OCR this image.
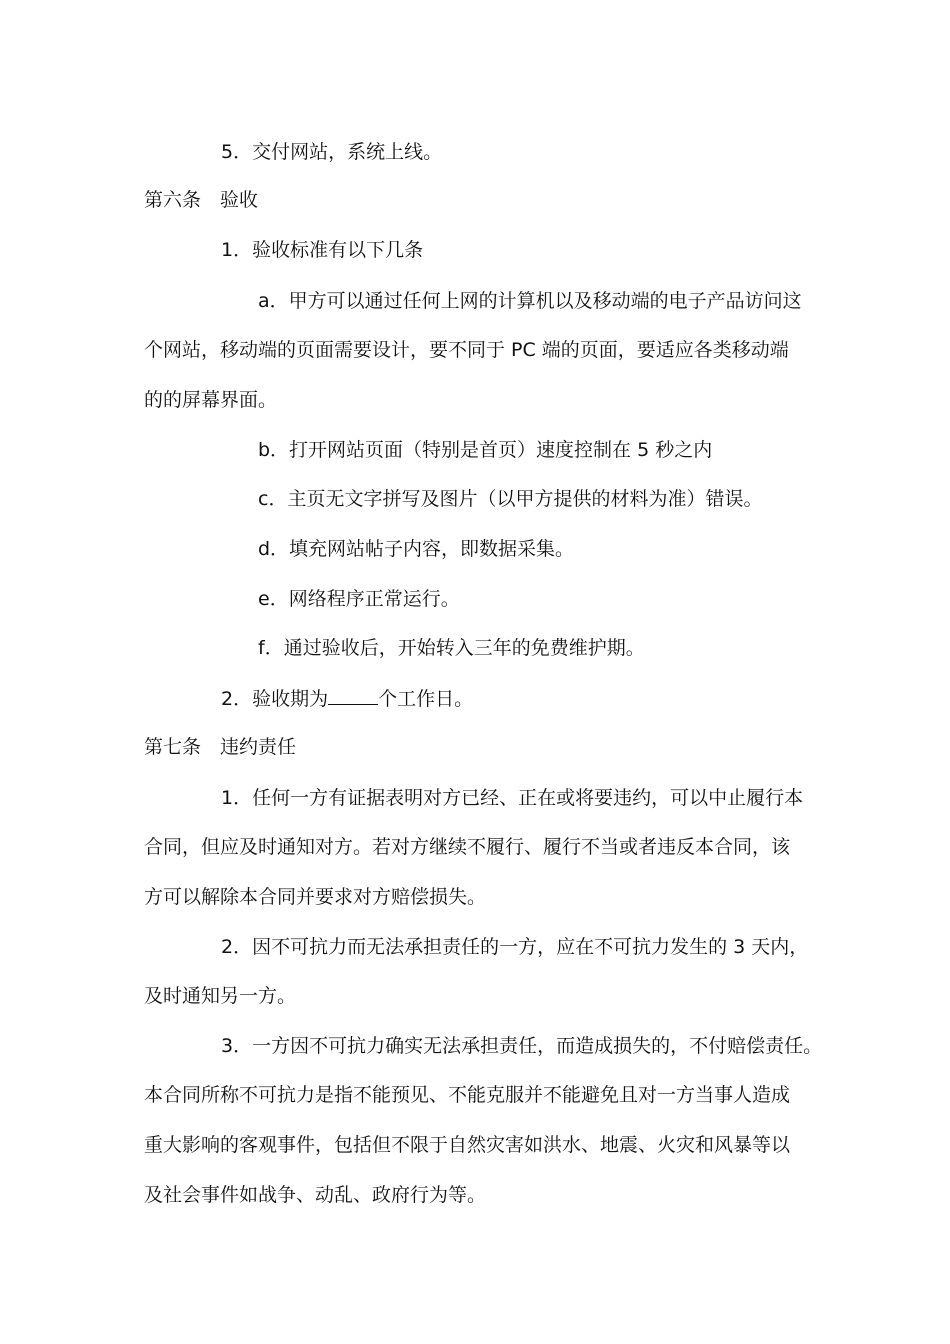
5．交付网站，系统上线。
第六条　验收
1．验收标准有以下几条
a．甲方可以通过任何上网的计算机以及移动端的电子产品访问这
个网站，移动端的页面需要设计，要不同于 PC 端的页面，要适应各类移动端
的的屏幕界面。
b．打开网站页面（特别是首页）速度控制在 5 秒之内
c．主页无文字拼写及图片（以甲方提供的材料为准）错误。
d．填充网站帖子内容，即数据采集。
e．网络程序正常运行。
f．通过验收后，开始转入三年的免费维护期。
2．验收期为	个工作日。
第七条　违约责任
1．任何一方有证据表明对方已经、正在或将要违约，可以中止履行本
合同，但应及时通知对方。若对方继续不履行、履行不当或者违反本合同，该
方可以解除本合同并要求对方赔偿损失。
2．因不可抗力而无法承担责任的一方，应在不可抗力发生的 3 天内，
及时通知另一方。
3．一方因不可抗力确实无法承担责任，而造成损失的，不付赔偿责任。
本合同所称不可抗力是指不能预见、不能克服并不能避免且对一方当事人造成
重大影响的客观事件，包括但不限于自然灾害如洪水、地震、火灾和风暴等以
及社会事件如战争、动乱、政府行为等。
